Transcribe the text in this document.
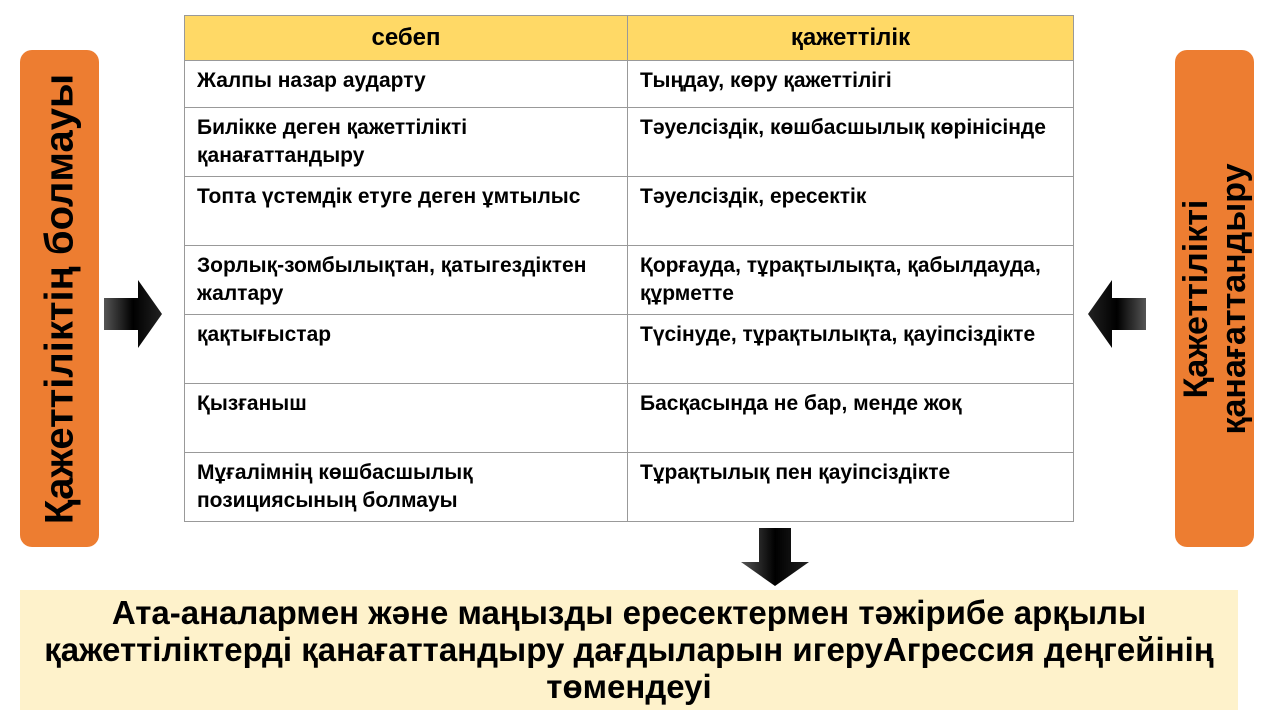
Қажеттіліктің болмауы	Қажеттілікті қанағаттандыру
себеп	қажеттілік
Жалпы назар аударту	Тыңдау, көру қажеттілігі
Билікке деген қажеттілікті қанағаттандыру	Тәуелсіздік, көшбасшылық көрінісінде
Топта үстемдік етуге деген ұмтылыс	Тәуелсіздік, ересектік
Зорлық-зомбылықтан, қатыгездіктен жалтару	Қорғауда, тұрақтылықта, қабылдауда, құрметте
қақтығыстар	Түсінуде, тұрақтылықта, қауіпсіздікте
Қызғаныш	Басқасында не бар, менде жоқ
Мұғалімнің көшбасшылық позициясының болмауы	Тұрақтылық пен қауіпсіздікте
Ата-аналармен және маңызды ересектермен тәжірибе арқылы қажеттіліктерді қанағаттандыру дағдыларын игеруАгрессия деңгейінің төмендеуі
